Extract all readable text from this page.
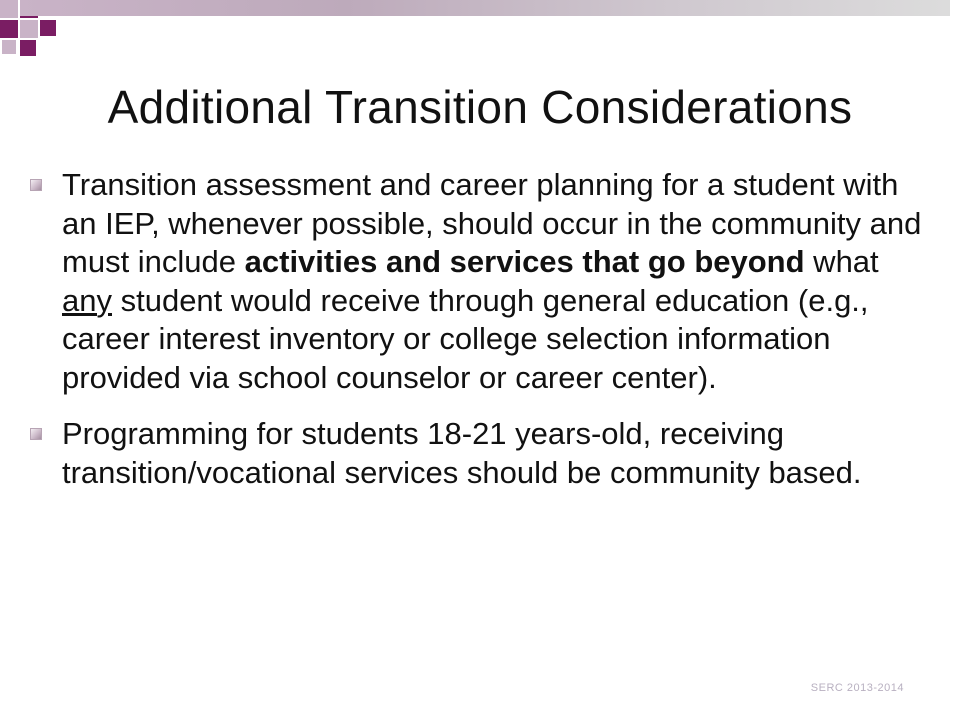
Additional Transition Considerations
Transition assessment and career planning for a student with an IEP, whenever possible, should occur in the community and must include activities and services that go beyond what any student would receive through general education (e.g., career interest inventory or college selection information provided via school counselor or career center).
Programming for students 18-21 years-old, receiving transition/vocational services should be community based.
SERC 2013-2014
